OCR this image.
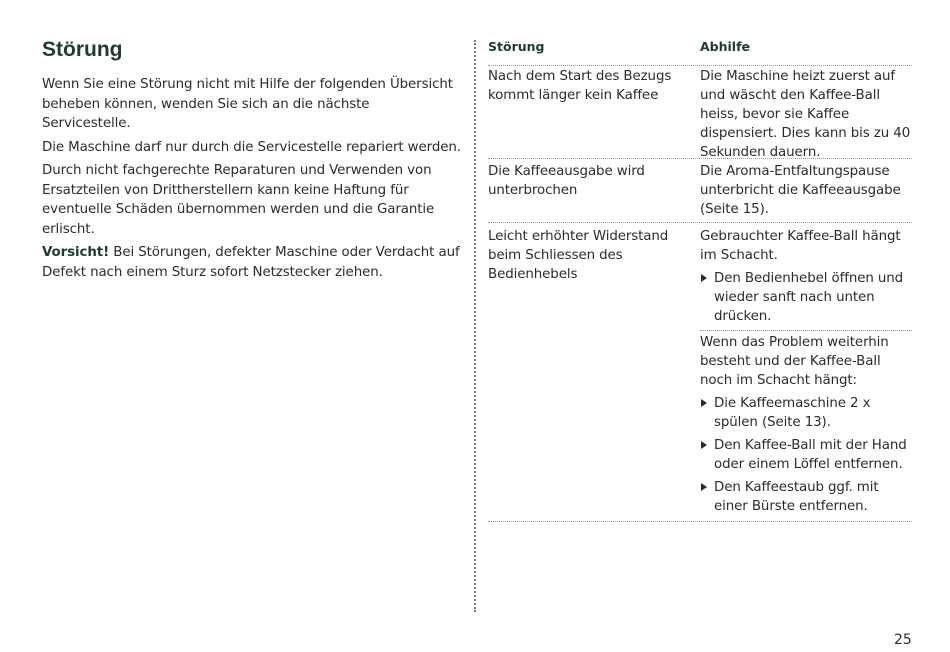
Störung

Wenn Sie eine Störung nicht mit Hilfe der folgenden Übersicht beheben können, wenden Sie sich an die nächste Servicestelle.

Die Maschine darf nur durch die Servicestelle repariert werden.

Durch nicht fachgerechte Reparaturen und Verwenden von Ersatzteilen von Drittherstellern kann keine Haftung für eventuelle Schäden übernommen werden und die Garantie erlischt.

Vorsicht! Bei Störungen, defekter Maschine oder Verdacht auf Defekt nach einem Sturz sofort Netzstecker ziehen.

Störung	Abhilfe
Nach dem Start des Bezugs kommt länger kein Kaffee
Die Maschine heizt zuerst auf und wäscht den Kaffee-Ball heiss, bevor sie Kaffee dispensiert. Dies kann bis zu 40 Sekunden dauern.
Die Kaffeeausgabe wird unterbrochen
Die Aroma-Entfaltungspause unterbricht die Kaffeeausgabe (Seite 15).
Leicht erhöhter Widerstand beim Schliessen des Bedienhebels
Gebrauchter Kaffee-Ball hängt im Schacht.
Den Bedienhebel öffnen und wieder sanft nach unten drücken.
Wenn das Problem weiterhin besteht und der Kaffee-Ball noch im Schacht hängt:
Die Kaffeemaschine 2 x spülen (Seite 13).
Den Kaffee-Ball mit der Hand oder einem Löffel entfernen.
Den Kaffeestaub ggf. mit einer Bürste entfernen.
25
